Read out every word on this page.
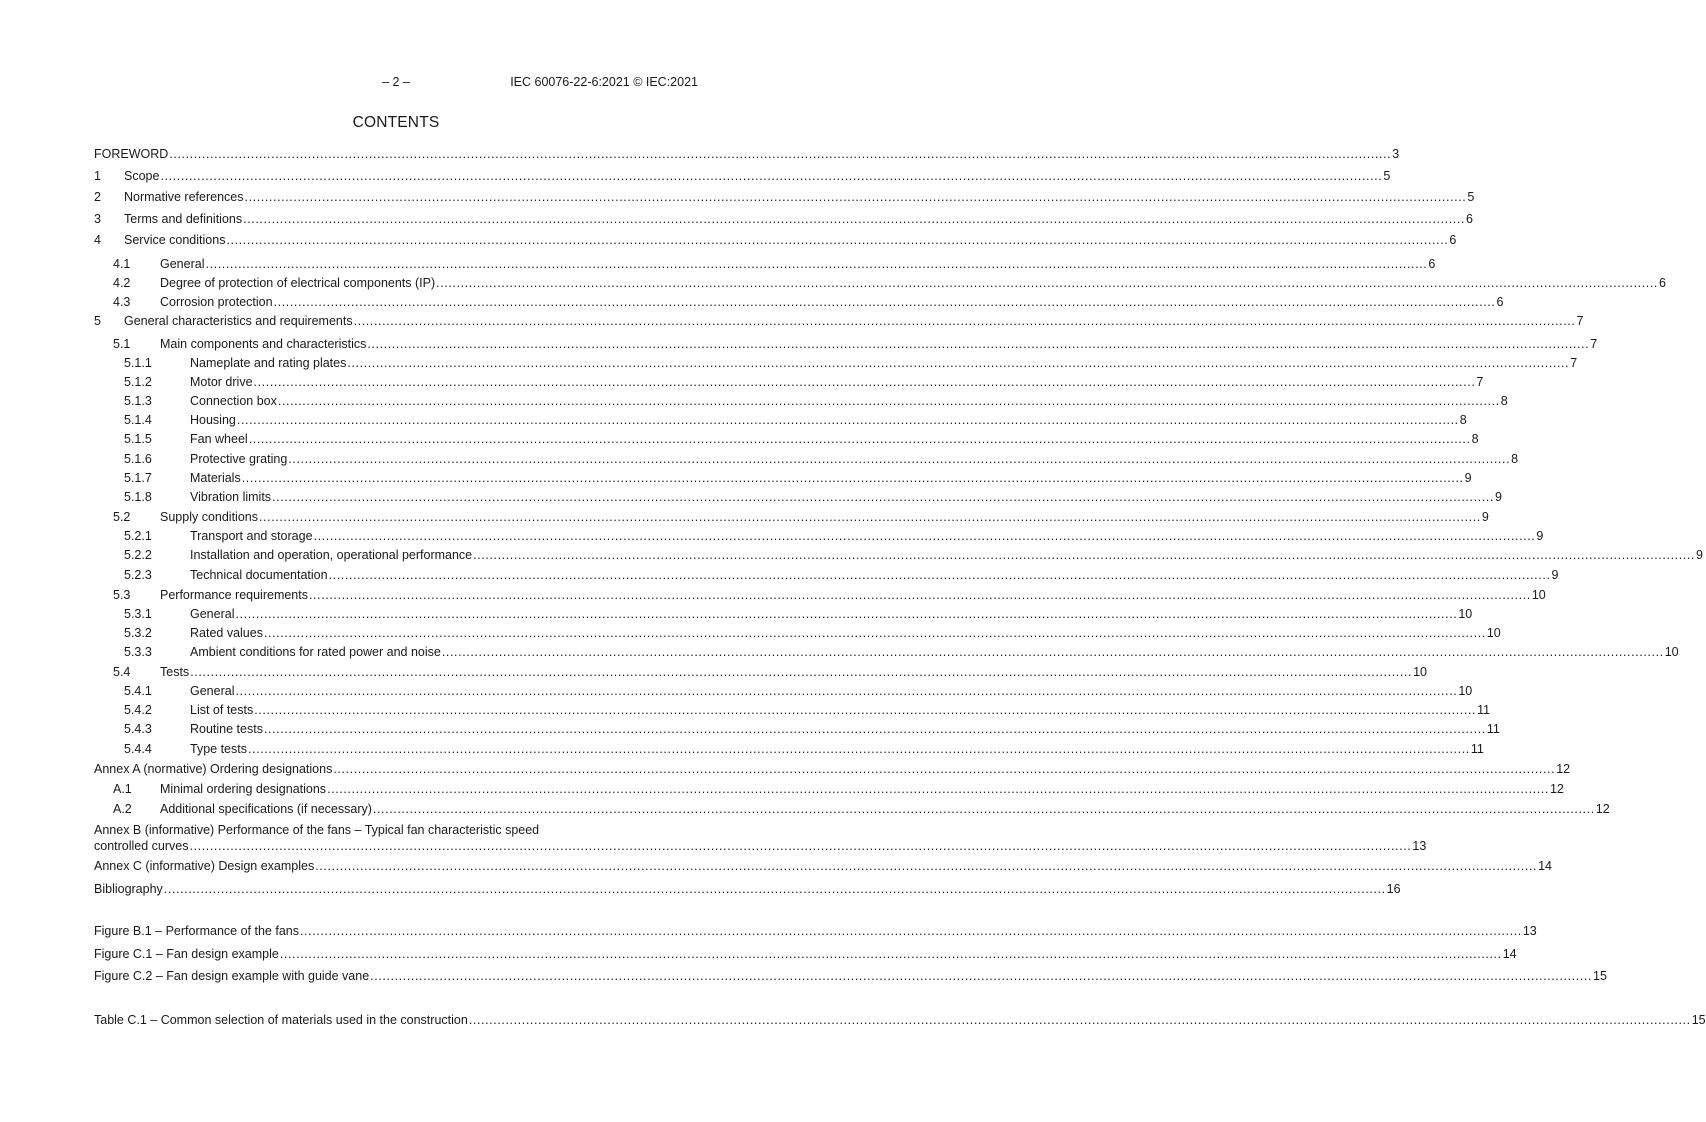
– 2 –	IEC 60076-22-6:2021 © IEC:2021
CONTENTS
FOREWORD ............................................................................................................................................................................................................................................................................................................ 3
1 Scope ............................................................................................................................................................................................................................................................................................................ 5
2 Normative references ............................................................................................................................................................................................................................................................................................................ 5
3 Terms and definitions ............................................................................................................................................................................................................................................................................................................ 6
4 Service conditions ............................................................................................................................................................................................................................................................................................................ 6
4.1 General ............................................................................................................................................................................................................................................................................................................ 6
4.2 Degree of protection of electrical components (IP) ............................................................................................................................................................................................................................................................................................................ 6
4.3 Corrosion protection ............................................................................................................................................................................................................................................................................................................ 6
5 General characteristics and requirements ............................................................................................................................................................................................................................................................................................................ 7
5.1 Main components and characteristics ............................................................................................................................................................................................................................................................................................................ 7
5.1.1	Nameplate and rating plates ............................................................................................................................................................................................................................................................................................................ 7
5.1.2	Motor drive ............................................................................................................................................................................................................................................................................................................ 7
5.1.3	Connection box ............................................................................................................................................................................................................................................................................................................ 8
5.1.4	Housing ............................................................................................................................................................................................................................................................................................................ 8
5.1.5	Fan wheel ............................................................................................................................................................................................................................................................................................................ 8
5.1.6	Protective grating ............................................................................................................................................................................................................................................................................................................ 8
5.1.7	Materials ............................................................................................................................................................................................................................................................................................................ 9
5.1.8	Vibration limits ............................................................................................................................................................................................................................................................................................................ 9
5.2 Supply conditions ............................................................................................................................................................................................................................................................................................................ 9
5.2.1	Transport and storage ............................................................................................................................................................................................................................................................................................................ 9
5.2.2	Installation and operation, operational performance ............................................................................................................................................................................................................................................................................................................ 9
5.2.3	Technical documentation ............................................................................................................................................................................................................................................................................................................ 9
5.3 Performance requirements ............................................................................................................................................................................................................................................................................................................ 10
5.3.1	General ............................................................................................................................................................................................................................................................................................................ 10
5.3.2	Rated values ............................................................................................................................................................................................................................................................................................................ 10
5.3.3	Ambient conditions for rated power and noise ............................................................................................................................................................................................................................................................................................................ 10
5.4 Tests ............................................................................................................................................................................................................................................................................................................ 10
5.4.1	General ............................................................................................................................................................................................................................................................................................................ 10
5.4.2	List of tests ............................................................................................................................................................................................................................................................................................................ 11
5.4.3	Routine tests ............................................................................................................................................................................................................................................................................................................ 11
5.4.4	Type tests ............................................................................................................................................................................................................................................................................................................ 11
Annex A (normative) Ordering designations ............................................................................................................................................................................................................................................................................................................ 12
A.1 Minimal ordering designations ............................................................................................................................................................................................................................................................................................................ 12
A.2 Additional specifications (if necessary) ............................................................................................................................................................................................................................................................................................................ 12
Annex B (informative) Performance of the fans – Typical fan characteristic speed
controlled curves ............................................................................................................................................................................................................................................................................................................ 13
Annex C (informative) Design examples ............................................................................................................................................................................................................................................................................................................ 14
Bibliography ............................................................................................................................................................................................................................................................................................................ 16
Figure B.1 – Performance of the fans ............................................................................................................................................................................................................................................................................................................ 13
Figure C.1 – Fan design example ............................................................................................................................................................................................................................................................................................................ 14
Figure C.2 – Fan design example with guide vane ............................................................................................................................................................................................................................................................................................................ 15
Table C.1 – Common selection of materials used in the construction ............................................................................................................................................................................................................................................................................................................ 15
